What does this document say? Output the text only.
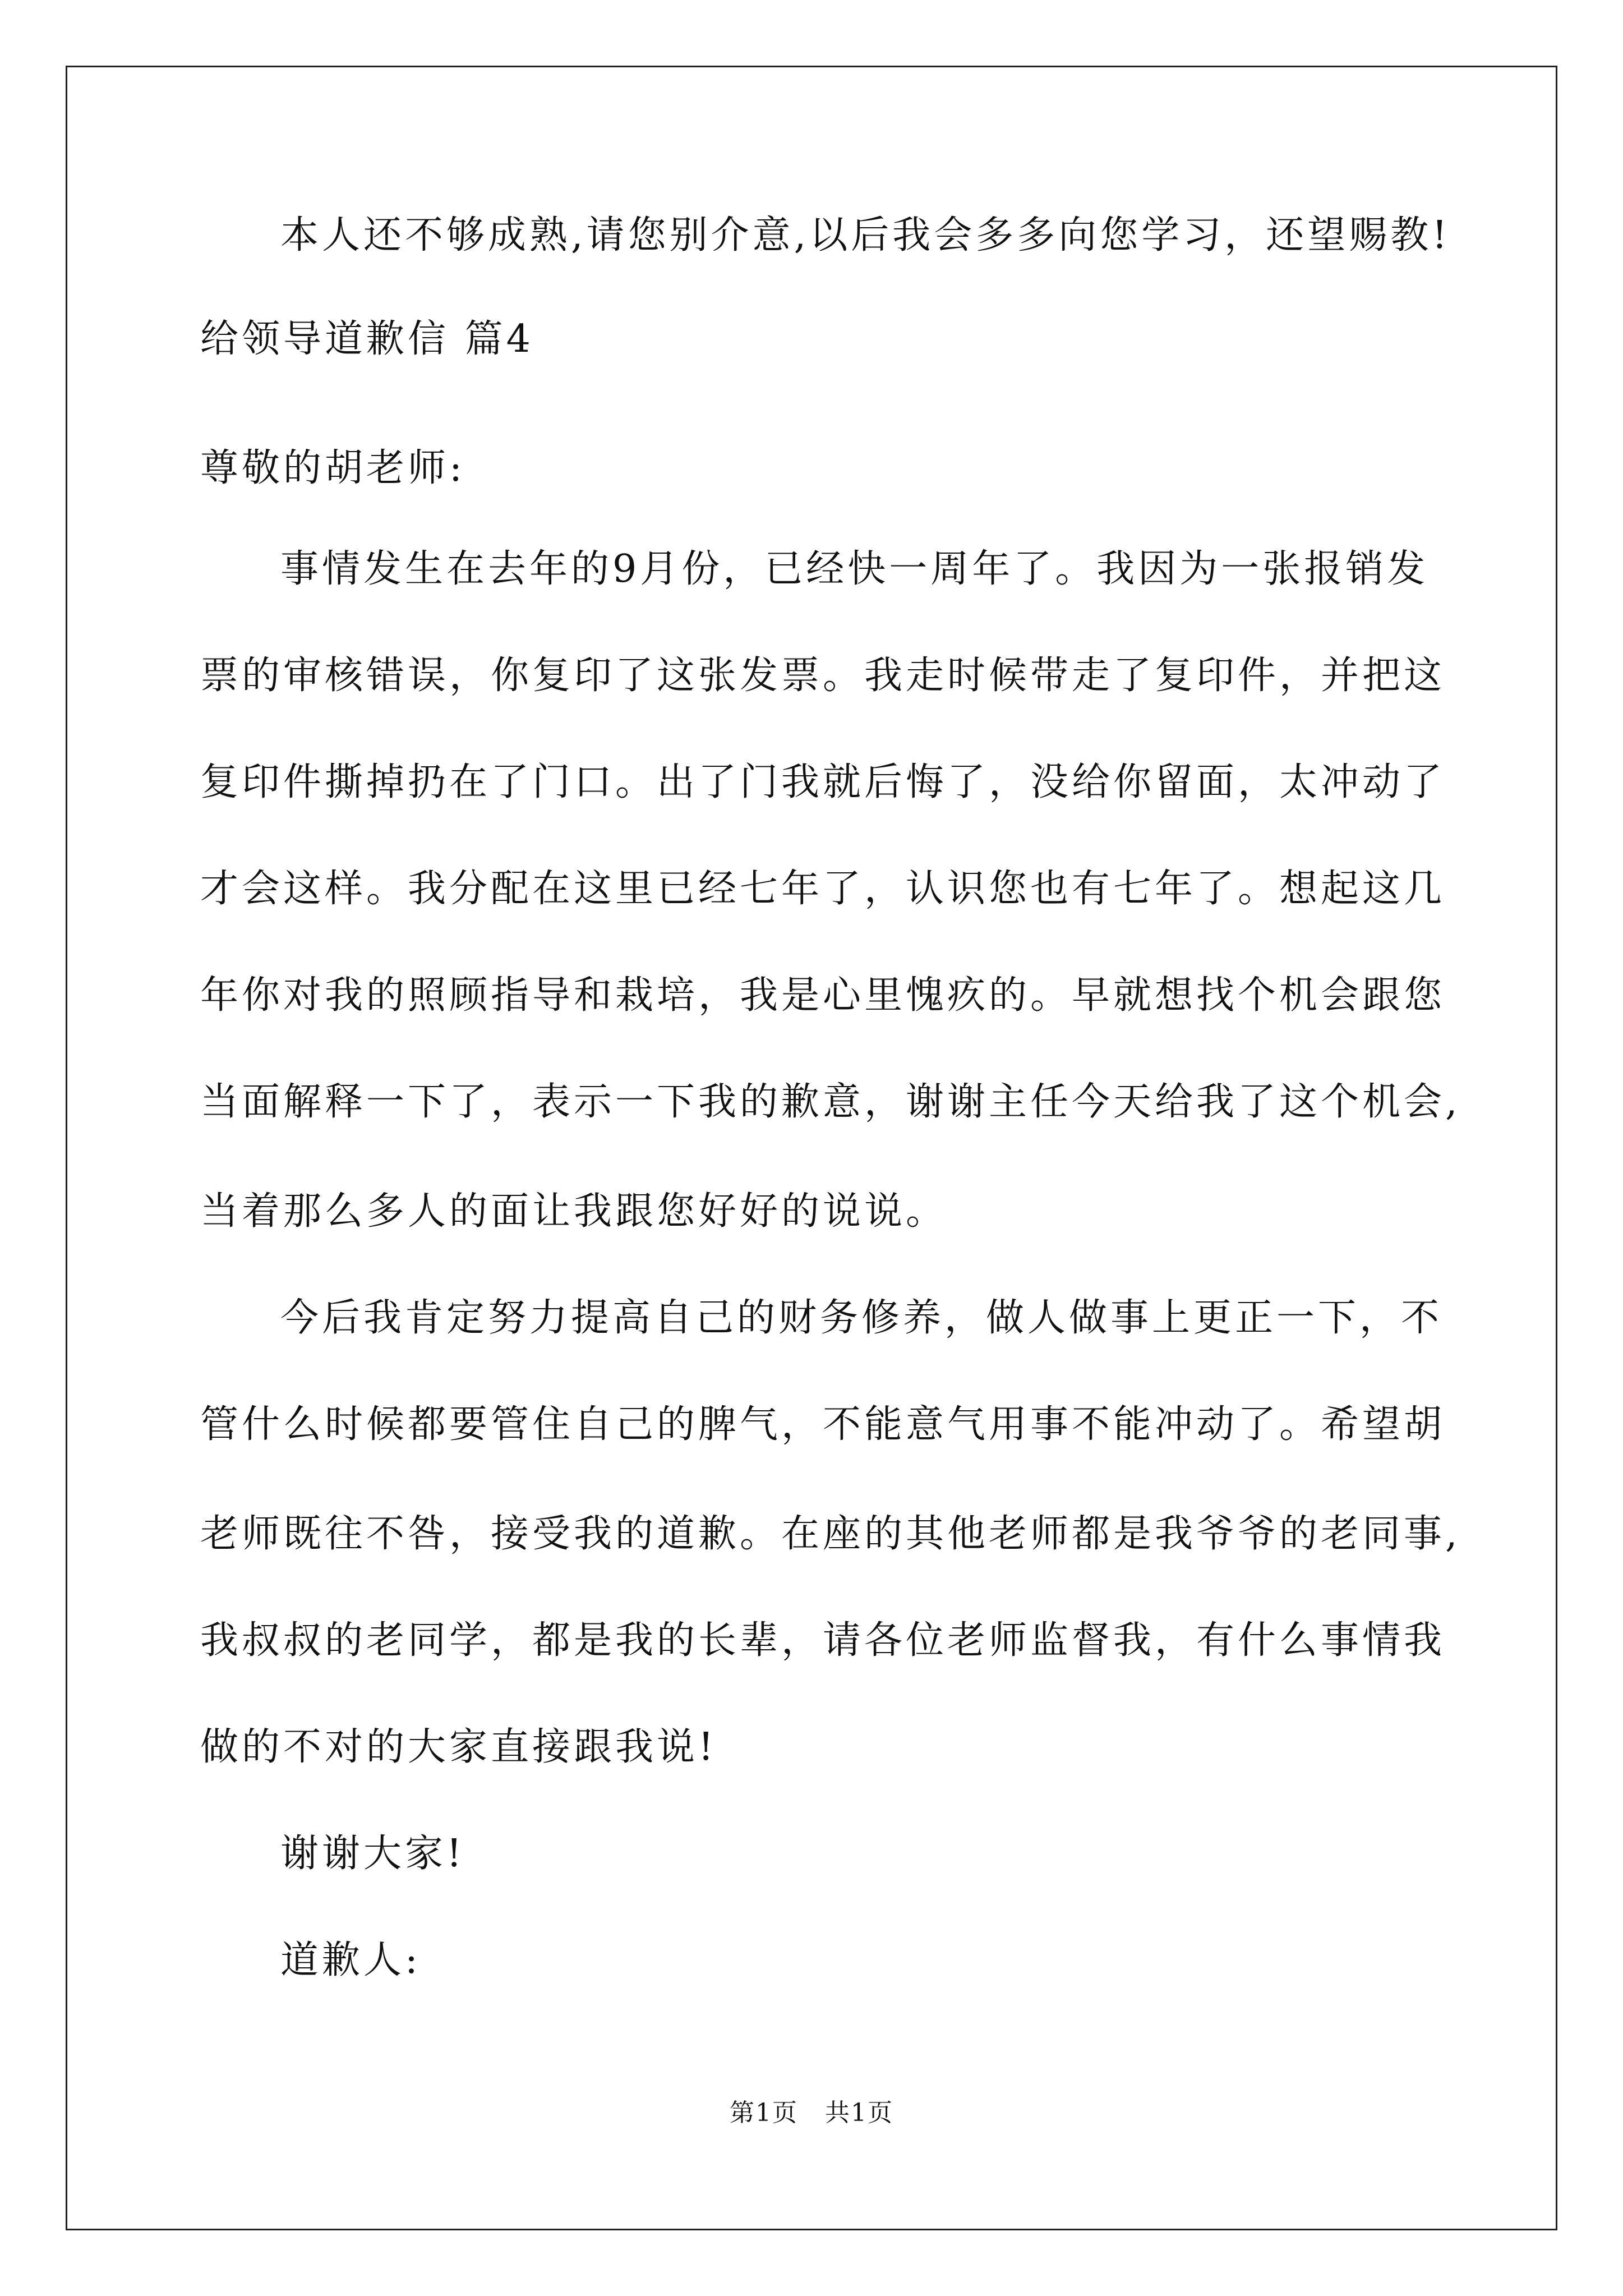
本人还不够成熟,请您别介意,以后我会多多向您学习，还望赐教!
给领导道歉信 篇4
尊敬的胡老师:
事情发生在去年的9月份，已经快一周年了。我因为一张报销发
票的审核错误，你复印了这张发票。我走时候带走了复印件，并把这
复印件撕掉扔在了门口。出了门我就后悔了，没给你留面，太冲动了
才会这样。我分配在这里已经七年了，认识您也有七年了。想起这几
年你对我的照顾指导和栽培，我是心里愧疚的。早就想找个机会跟您
当面解释一下了，表示一下我的歉意，谢谢主任今天给我了这个机会,
当着那么多人的面让我跟您好好的说说。
今后我肯定努力提高自己的财务修养，做人做事上更正一下，不
管什么时候都要管住自己的脾气，不能意气用事不能冲动了。希望胡
老师既往不咎，接受我的道歉。在座的其他老师都是我爷爷的老同事,
我叔叔的老同学，都是我的长辈，请各位老师监督我，有什么事情我
做的不对的大家直接跟我说!
谢谢大家!
道歉人:
第1页 共1页
